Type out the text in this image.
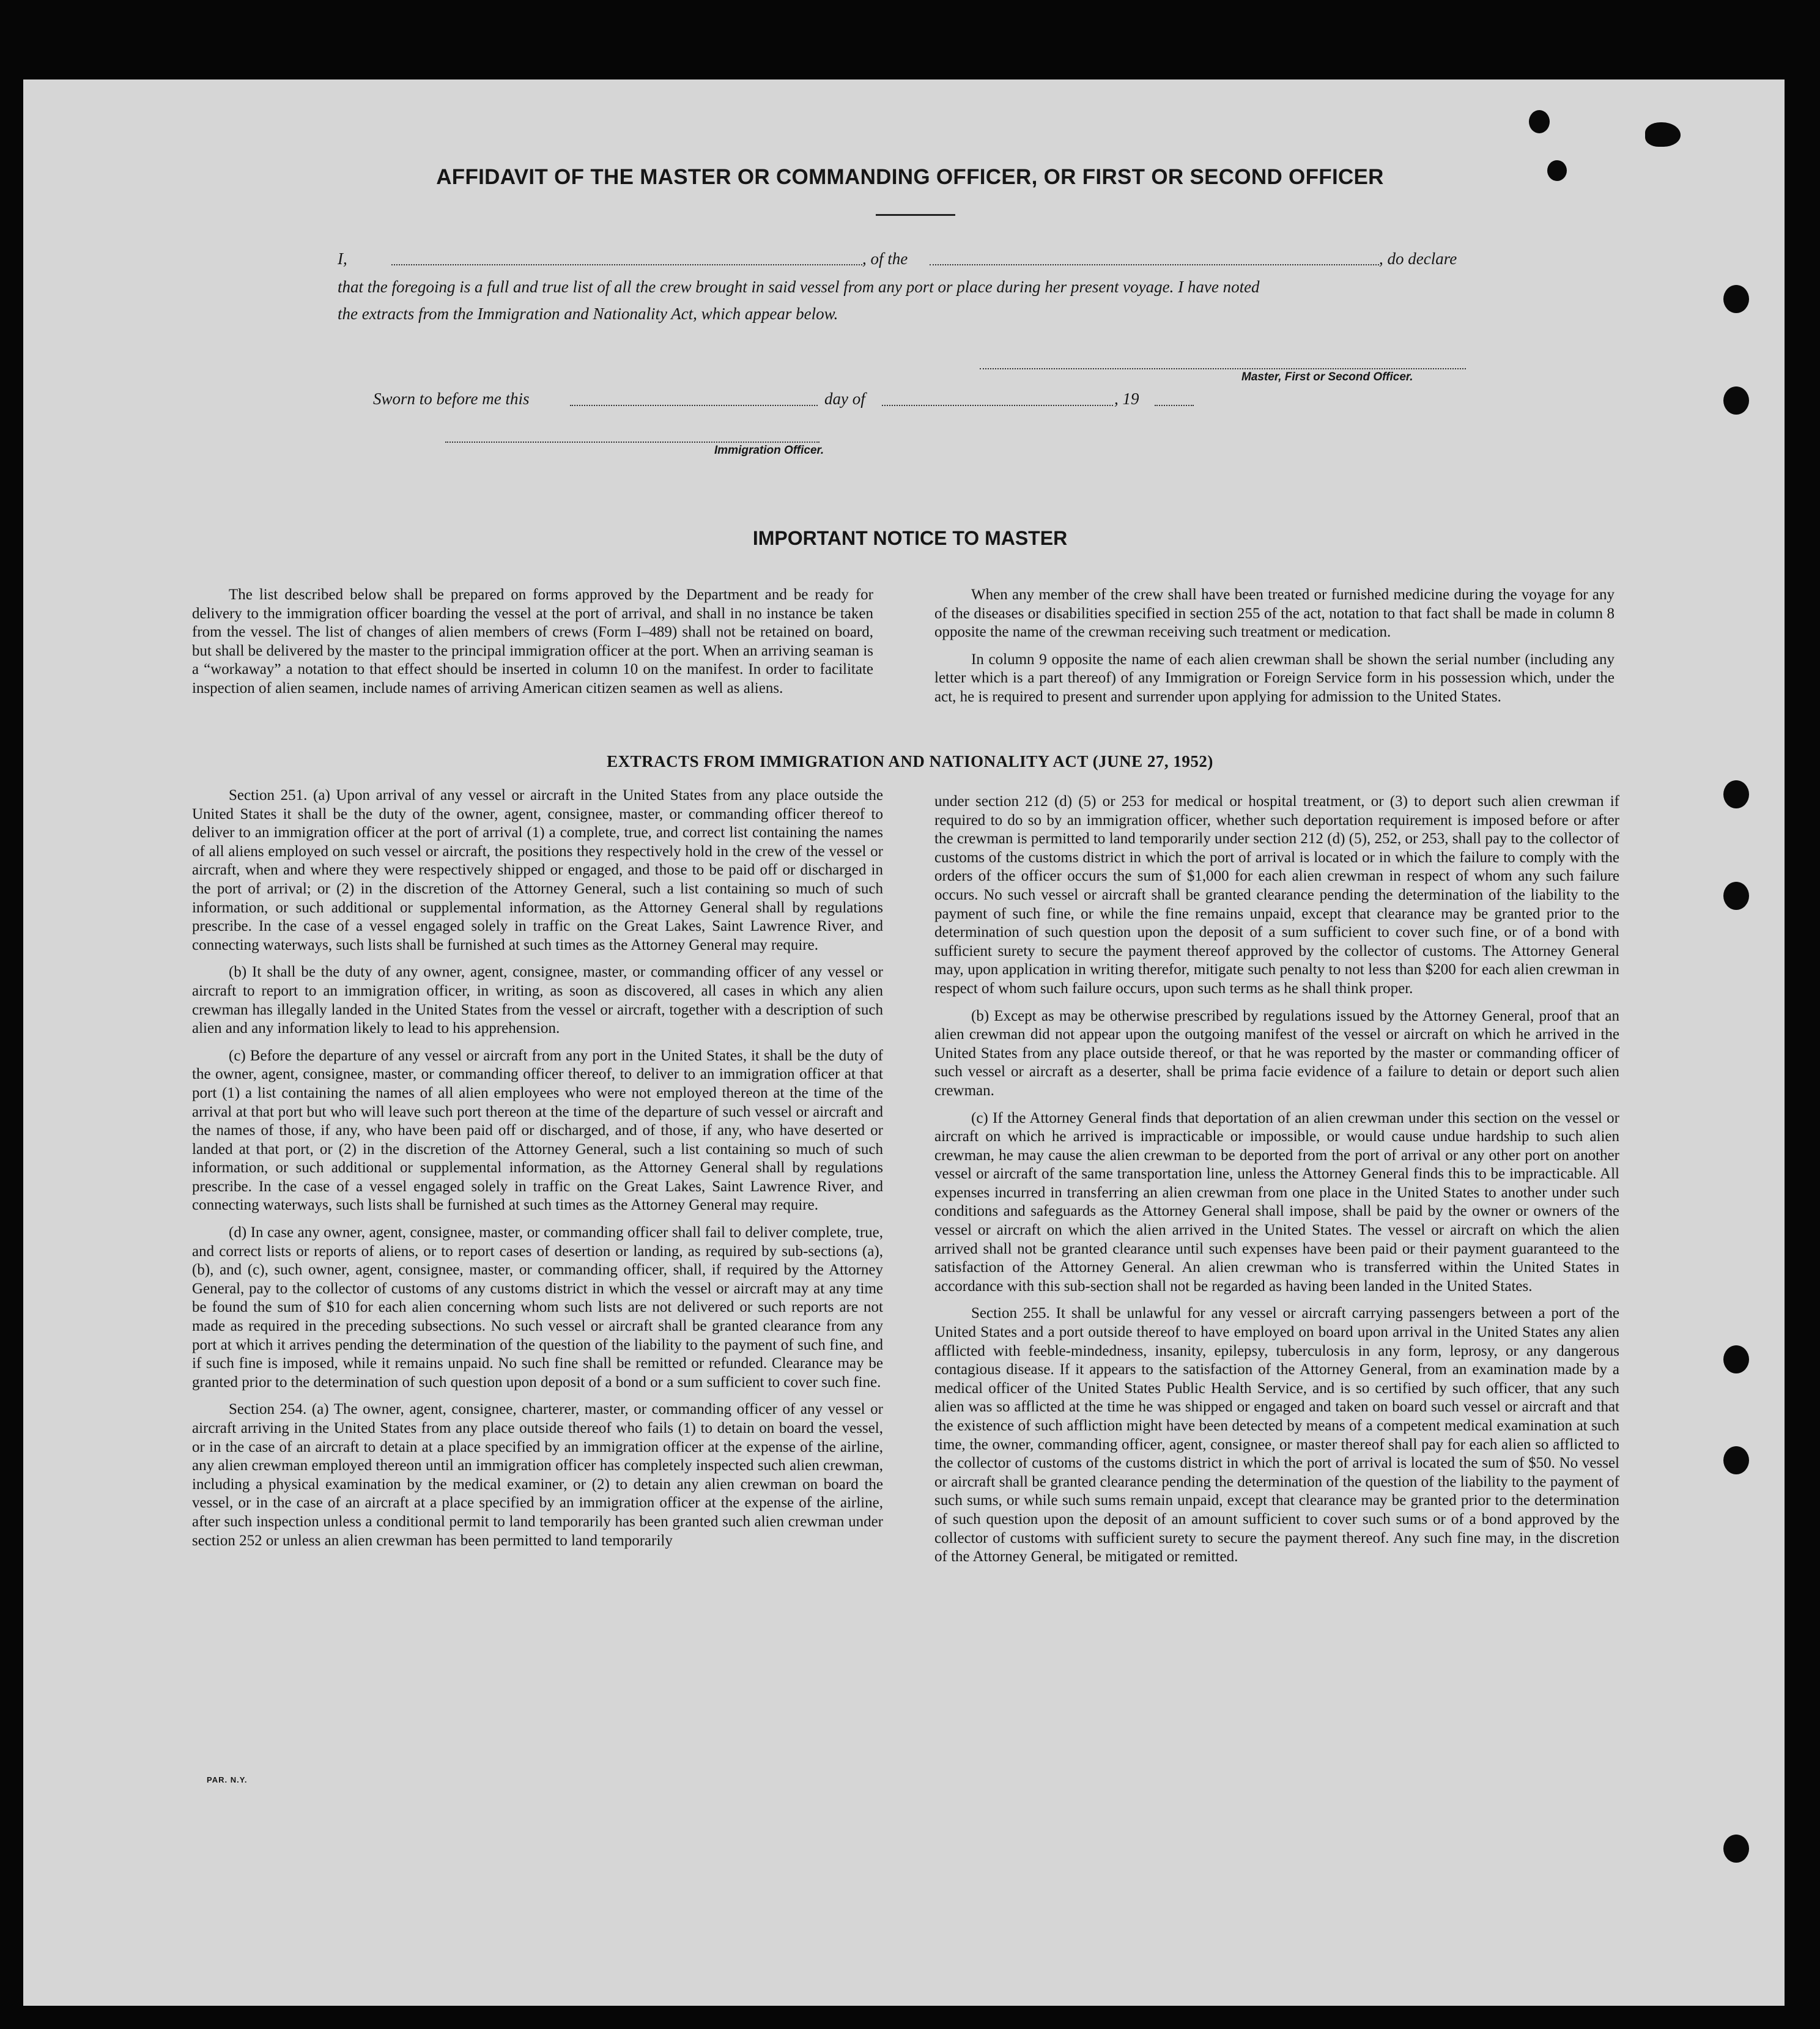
AFFIDAVIT OF THE MASTER OR COMMANDING OFFICER, OR FIRST OR SECOND OFFICER
I,	, of the	, do declare
that the foregoing is a full and true list of all the crew brought in said vessel from any port or place during her present voyage. I have noted
the extracts from the Immigration and Nationality Act, which appear below.
Master, First or Second Officer.
Sworn to before me this	day of	, 19
Immigration Officer.
IMPORTANT NOTICE TO MASTER

The list described below shall be prepared on forms approved by the Department and be ready for delivery to the immigration officer boarding the vessel at the port of arrival, and shall in no instance be taken from the vessel. The list of changes of alien members of crews (Form I–489) shall not be retained on board, but shall be delivered by the master to the principal immigration officer at the port. When an arriving seaman is a “workaway” a notation to that effect should be inserted in column 10 on the manifest. In order to facilitate inspection of alien seamen, include names of arriving American citizen seamen as well as aliens.

When any member of the crew shall have been treated or furnished medicine during the voyage for any of the diseases or disabilities specified in section 255 of the act, notation to that fact shall be made in column 8 opposite the name of the crewman receiving such treatment or medication.

In column 9 opposite the name of each alien crewman shall be shown the serial number (including any letter which is a part thereof) of any Immigration or Foreign Service form in his possession which, under the act, he is required to present and surrender upon applying for admission to the United States.

EXTRACTS FROM IMMIGRATION AND NATIONALITY ACT (JUNE 27, 1952)

Section 251. (a) Upon arrival of any vessel or aircraft in the United States from any place outside the United States it shall be the duty of the owner, agent, consignee, master, or commanding officer thereof to deliver to an immigration officer at the port of arrival (1) a complete, true, and correct list containing the names of all aliens employed on such vessel or aircraft, the positions they respectively hold in the crew of the vessel or aircraft, when and where they were respectively shipped or engaged, and those to be paid off or discharged in the port of arrival; or (2) in the discretion of the Attorney General, such a list containing so much of such information, or such additional or supplemental information, as the Attorney General shall by regulations prescribe. In the case of a vessel engaged solely in traffic on the Great Lakes, Saint Lawrence River, and connecting waterways, such lists shall be furnished at such times as the Attorney General may require.

(b) It shall be the duty of any owner, agent, consignee, master, or commanding officer of any vessel or aircraft to report to an immigration officer, in writing, as soon as discovered, all cases in which any alien crewman has illegally landed in the United States from the vessel or aircraft, together with a description of such alien and any information likely to lead to his apprehension.

(c) Before the departure of any vessel or aircraft from any port in the United States, it shall be the duty of the owner, agent, consignee, master, or commanding officer thereof, to deliver to an immigration officer at that port (1) a list containing the names of all alien employees who were not employed thereon at the time of the arrival at that port but who will leave such port thereon at the time of the departure of such vessel or aircraft and the names of those, if any, who have been paid off or discharged, and of those, if any, who have deserted or landed at that port, or (2) in the discretion of the Attorney General, such a list containing so much of such information, or such additional or supplemental information, as the Attorney General shall by regulations prescribe. In the case of a vessel engaged solely in traffic on the Great Lakes, Saint Lawrence River, and connecting waterways, such lists shall be furnished at such times as the Attorney General may require.

(d) In case any owner, agent, consignee, master, or commanding officer shall fail to deliver complete, true, and correct lists or reports of aliens, or to report cases of desertion or landing, as required by sub-sections (a), (b), and (c), such owner, agent, consignee, master, or commanding officer, shall, if required by the Attorney General, pay to the collector of customs of any customs district in which the vessel or aircraft may at any time be found the sum of $10 for each alien concerning whom such lists are not delivered or such reports are not made as required in the preceding subsections. No such vessel or aircraft shall be granted clearance from any port at which it arrives pending the determination of the question of the liability to the payment of such fine, and if such fine is imposed, while it remains unpaid. No such fine shall be remitted or refunded. Clearance may be granted prior to the determination of such question upon deposit of a bond or a sum sufficient to cover such fine.

Section 254. (a) The owner, agent, consignee, charterer, master, or commanding officer of any vessel or aircraft arriving in the United States from any place outside thereof who fails (1) to detain on board the vessel, or in the case of an aircraft to detain at a place specified by an immigration officer at the expense of the airline, any alien crewman employed thereon until an immigration officer has completely inspected such alien crewman, including a physical examination by the medical examiner, or (2) to detain any alien crewman on board the vessel, or in the case of an aircraft at a place specified by an immigration officer at the expense of the airline, after such inspection unless a conditional permit to land temporarily has been granted such alien crewman under section 252 or unless an alien crewman has been permitted to land temporarily

under section 212 (d) (5) or 253 for medical or hospital treatment, or (3) to deport such alien crewman if required to do so by an immigration officer, whether such deportation requirement is imposed before or after the crewman is permitted to land temporarily under section 212 (d) (5), 252, or 253, shall pay to the collector of customs of the customs district in which the port of arrival is located or in which the failure to comply with the orders of the officer occurs the sum of $1,000 for each alien crewman in respect of whom any such failure occurs. No such vessel or aircraft shall be granted clearance pending the determination of the liability to the payment of such fine, or while the fine remains unpaid, except that clearance may be granted prior to the determination of such question upon the deposit of a sum sufficient to cover such fine, or of a bond with sufficient surety to secure the payment thereof approved by the collector of customs. The Attorney General may, upon application in writing therefor, mitigate such penalty to not less than $200 for each alien crewman in respect of whom such failure occurs, upon such terms as he shall think proper.

(b) Except as may be otherwise prescribed by regulations issued by the Attorney General, proof that an alien crewman did not appear upon the outgoing manifest of the vessel or aircraft on which he arrived in the United States from any place outside thereof, or that he was reported by the master or commanding officer of such vessel or aircraft as a deserter, shall be prima facie evidence of a failure to detain or deport such alien crewman.

(c) If the Attorney General finds that deportation of an alien crewman under this section on the vessel or aircraft on which he arrived is impracticable or impossible, or would cause undue hardship to such alien crewman, he may cause the alien crewman to be deported from the port of arrival or any other port on another vessel or aircraft of the same transportation line, unless the Attorney General finds this to be impracticable. All expenses incurred in transferring an alien crewman from one place in the United States to another under such conditions and safeguards as the Attorney General shall impose, shall be paid by the owner or owners of the vessel or aircraft on which the alien arrived in the United States. The vessel or aircraft on which the alien arrived shall not be granted clearance until such expenses have been paid or their payment guaranteed to the satisfaction of the Attorney General. An alien crewman who is transferred within the United States in accordance with this sub-section shall not be regarded as having been landed in the United States.

Section 255. It shall be unlawful for any vessel or aircraft carrying passengers between a port of the United States and a port outside thereof to have employed on board upon arrival in the United States any alien afflicted with feeble-mindedness, insanity, epilepsy, tuberculosis in any form, leprosy, or any dangerous contagious disease. If it appears to the satisfaction of the Attorney General, from an examination made by a medical officer of the United States Public Health Service, and is so certified by such officer, that any such alien was so afflicted at the time he was shipped or engaged and taken on board such vessel or aircraft and that the existence of such affliction might have been detected by means of a competent medical examination at such time, the owner, commanding officer, agent, consignee, or master thereof shall pay for each alien so afflicted to the collector of customs of the customs district in which the port of arrival is located the sum of $50. No vessel or aircraft shall be granted clearance pending the determination of the question of the liability to the payment of such sums, or while such sums remain unpaid, except that clearance may be granted prior to the determination of such question upon the deposit of an amount sufficient to cover such sums or of a bond approved by the collector of customs with sufficient surety to secure the payment thereof. Any such fine may, in the discretion of the Attorney General, be mitigated or remitted.

PAR. N.Y.
